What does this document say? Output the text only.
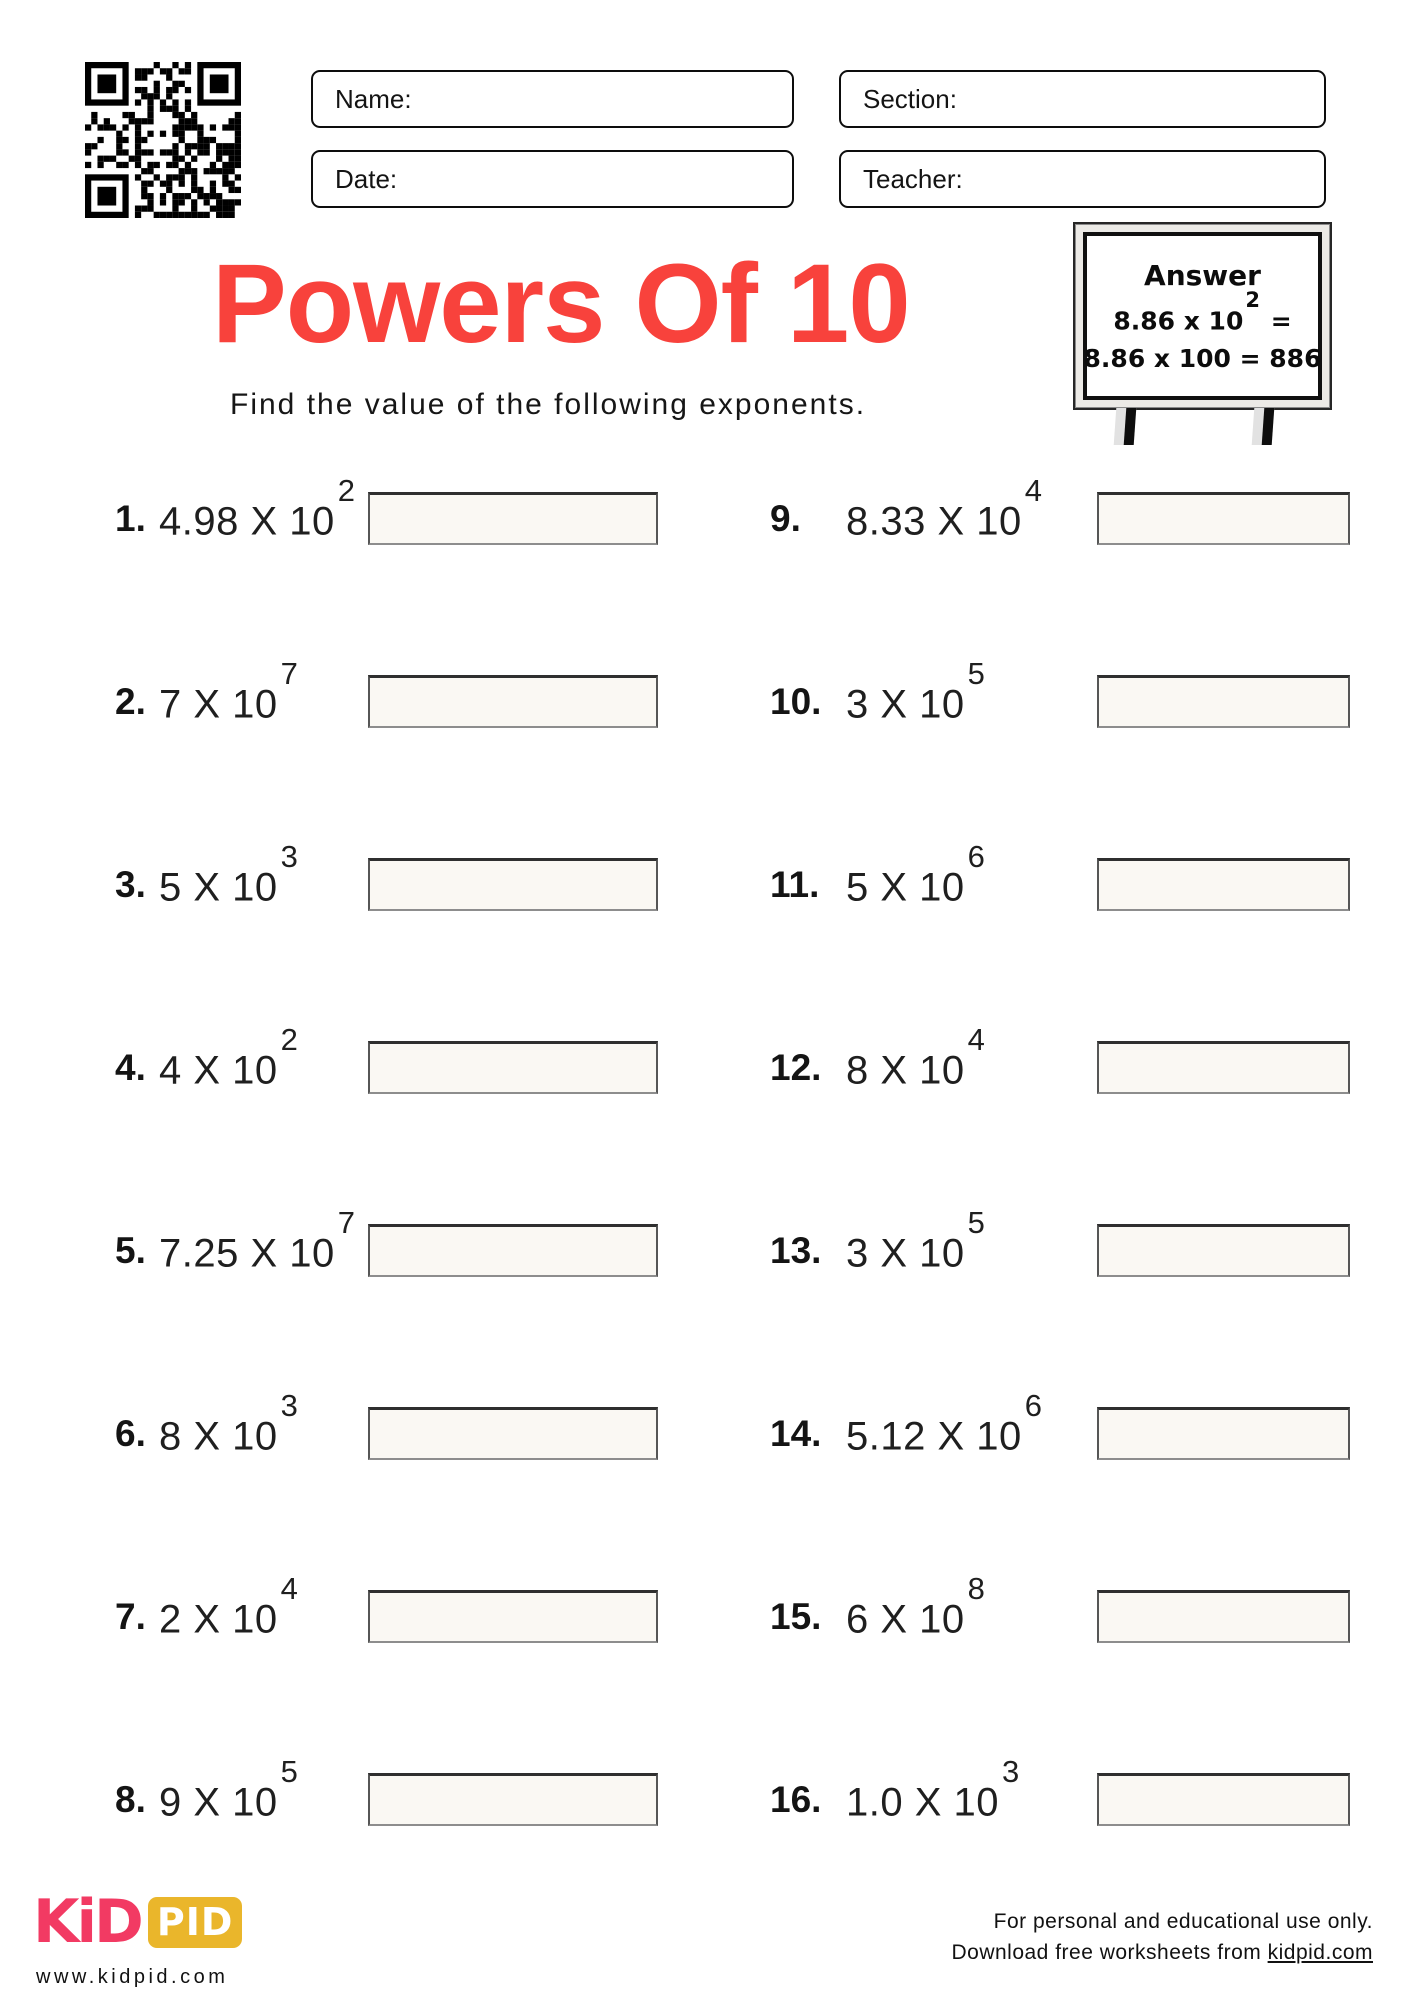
Name:	Section:
Date:	Teacher:
Powers Of 10
Find the value of the following exponents.
Answer
8.86 x $10^2$ =
8.86 x 100 = 886
1. 4.98 X $10^2$
2. 7 X $10^7$
3. 5 X $10^3$
4. 4 X $10^2$
5. 7.25 X $10^7$
6. 8 X $10^3$
7. 2 X $10^4$
8. 9 X $10^5$
9.	8.33 X $10^4$
10. 3 X $10^5$
11. 5 X $10^6$
12. 8 X $10^4$
13. 3 X $10^5$
14. 5.12 X $10^6$
15. 6 X $10^8$
16. 1.0 X $10^3$
KiD PID
www.kidpid.com
For personal and educational use only.
Download free worksheets from kidpid.com
